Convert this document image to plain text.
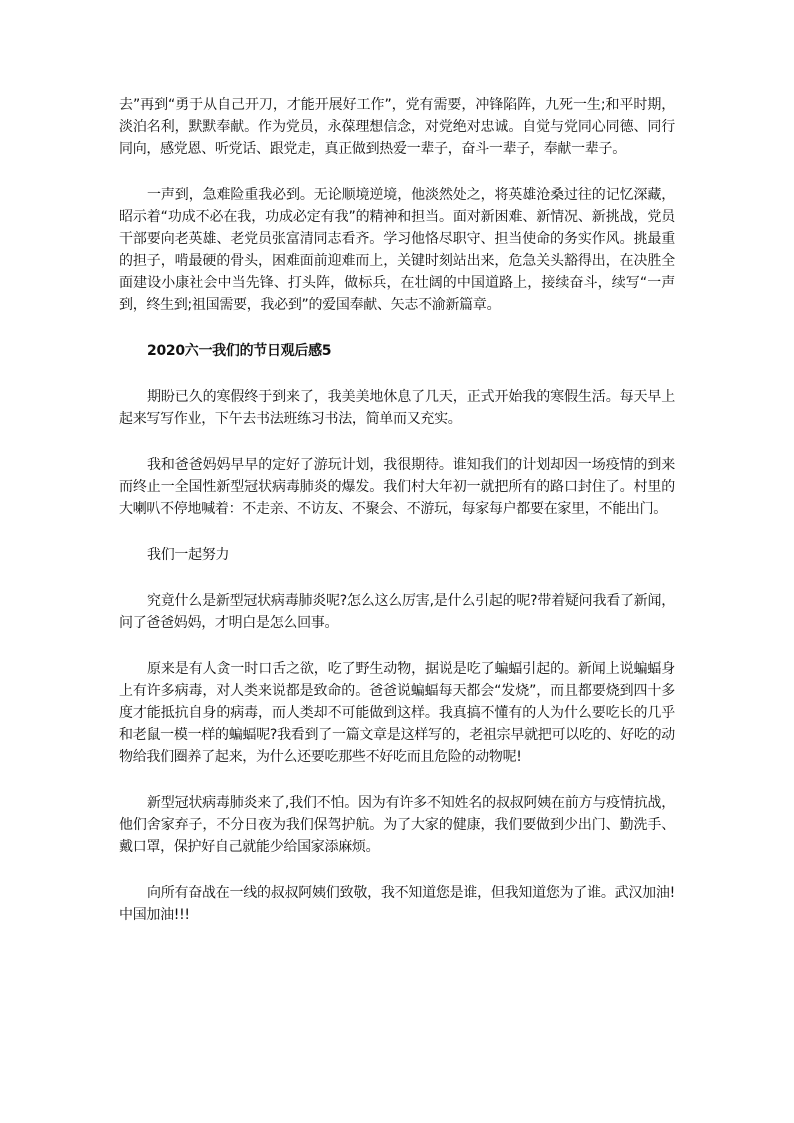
去”再到“勇于从自己开刀，才能开展好工作”，党有需要，冲锋陷阵，九死一生;和平时期，淡泊名利，默默奉献。作为党员，永葆理想信念，对党绝对忠诚。自觉与党同心同德、同行同向，感党恩、听党话、跟党走，真正做到热爱一辈子，奋斗一辈子，奉献一辈子。

一声到，急难险重我必到。无论顺境逆境，他淡然处之，将英雄沧桑过往的记忆深藏，昭示着“功成不必在我，功成必定有我”的精神和担当。面对新困难、新情况、新挑战，党员干部要向老英雄、老党员张富清同志看齐。学习他恪尽职守、担当使命的务实作风。挑最重的担子，啃最硬的骨头，困难面前迎难而上，关键时刻站出来，危急关头豁得出，在决胜全面建设小康社会中当先锋、打头阵，做标兵，在壮阔的中国道路上，接续奋斗，续写“一声到，终生到;祖国需要，我必到”的爱国奉献、矢志不渝新篇章。

2020六一我们的节日观后感5

期盼已久的寒假终于到来了，我美美地休息了几天，正式开始我的寒假生活。每天早上起来写写作业，下午去书法班练习书法，简单而又充实。

我和爸爸妈妈早早的定好了游玩计划，我很期待。谁知我们的计划却因一场疫情的到来而终止一全国性新型冠状病毒肺炎的爆发。我们村大年初一就把所有的路口封住了。村里的大喇叭不停地喊着：不走亲、不访友、不聚会、不游玩，每家每户都要在家里，不能出门。

我们一起努力

究竟什么是新型冠状病毒肺炎呢?怎么这么厉害,是什么引起的呢?带着疑问我看了新闻，问了爸爸妈妈，才明白是怎么回事。

原来是有人贪一时口舌之欲，吃了野生动物，据说是吃了蝙蝠引起的。新闻上说蝙蝠身上有许多病毒，对人类来说都是致命的。爸爸说蝙蝠每天都会“发烧”，而且都要烧到四十多度才能抵抗自身的病毒，而人类却不可能做到这样。我真搞不懂有的人为什么要吃长的几乎和老鼠一模一样的蝙蝠呢?我看到了一篇文章是这样写的，老祖宗早就把可以吃的、好吃的动物给我们圈养了起来，为什么还要吃那些不好吃而且危险的动物呢!

新型冠状病毒肺炎来了,我们不怕。因为有许多不知姓名的叔叔阿姨在前方与疫情抗战，他们舍家弃子，不分日夜为我们保驾护航。为了大家的健康，我们要做到少出门、勤洗手、戴口罩，保护好自己就能少给国家添麻烦。

向所有奋战在一线的叔叔阿姨们致敬，我不知道您是谁，但我知道您为了谁。武汉加油!中国加油!!!
